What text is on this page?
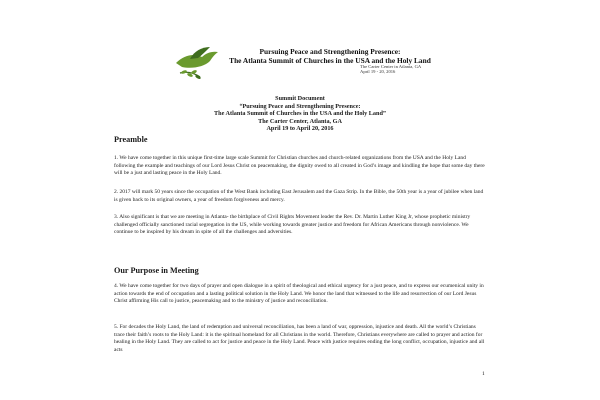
Pursuing Peace and Strengthening Presence:
The Atlanta Summit of Churches in the USA and the Holy Land
The Carter Center in Atlanta, GA
April 19 - 20, 2016
Summit Document
“Pursuing Peace and Strengthening Presence:
The Atlanta Summit of Churches in the USA and the Holy Land”
The Carter Center, Atlanta, GA
April 19 to April 20, 2016
Preamble
1. We have come together in this unique first-time large scale Summit for Christian churches and church-related organizations from the USA and the Holy Land following the example and teachings of our Lord Jesus Christ on peacemaking, the dignity owed to all created in God’s image and kindling the hope that some day there will be a just and lasting peace in the Holy Land.
2. 2017 will mark 50 years since the occupation of the West Bank including East Jerusalem and the Gaza Strip. In the Bible, the 50th year is a year of jubilee when land is given back to its original owners, a year of freedom forgiveness and mercy.
3. Also significant is that we are meeting in Atlanta- the birthplace of Civil Rights Movement leader the Rev. Dr. Martin Luther King Jr, whose prophetic ministry challenged officially sanctioned racial segregation in the US, while working towards greater justice and freedom for African Americans through nonviolence. We continue to be inspired by his dream in spite of all the challenges and adversities.
Our Purpose in Meeting
4. We have come together for two days of prayer and open dialogue in a spirit of theological and ethical urgency for a just peace, and to express our ecumenical unity in action towards the end of occupation and a lasting political solution in the Holy Land. We honor the land that witnessed to the life and resurrection of our Lord Jesus Christ affirming His call to justice, peacemaking and to the ministry of justice and reconciliation.
5. For decades the Holy Land, the land of redemption and universal reconciliation, has been a land of war, oppression, injustice and death. All the world’s Christians trace their faith’s roots to the Holy Land: it is the spiritual homeland for all Christians in the world. Therefore, Christians everywhere are called to prayer and action for healing in the Holy Land. They are called to act for justice and peace in the Holy Land. Peace with justice requires ending the long conflict, occupation, injustice and all acts
1
